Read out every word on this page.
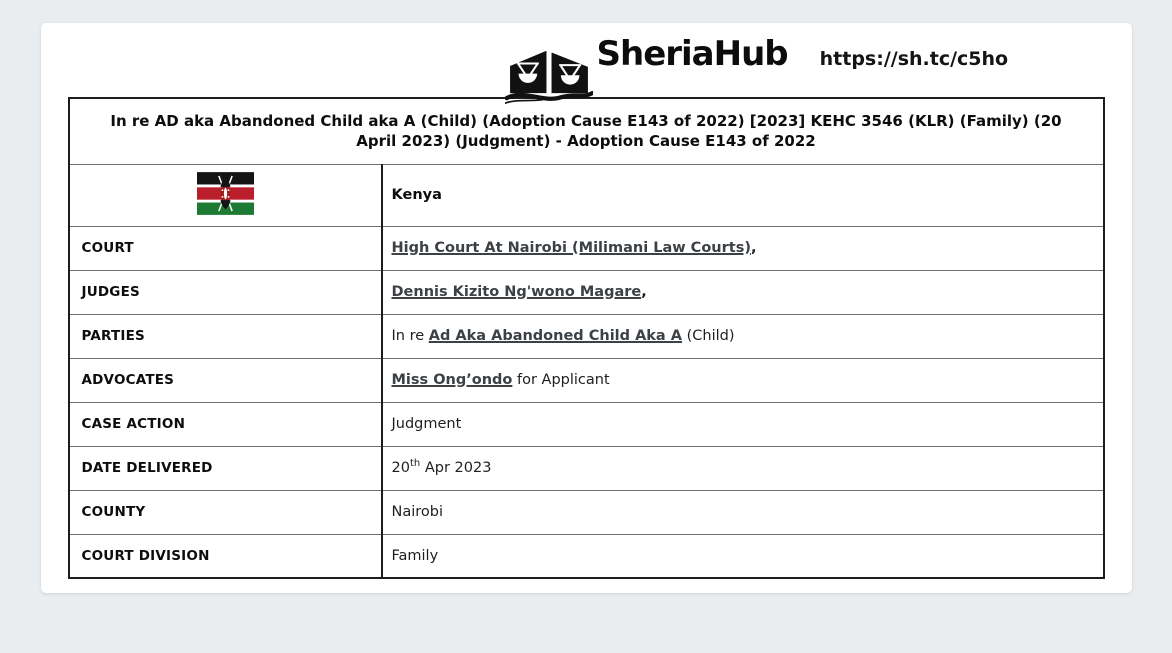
SheriaHub https://sh.tc/c5ho
In re AD aka Abandoned Child aka A (Child) (Adoption Cause E143 of 2022) [2023] KEHC 3546 (KLR) (Family) (20 April 2023) (Judgment) - Adoption Cause E143 of 2022	
	Kenya
COURT	High Court At Nairobi (Milimani Law Courts),
JUDGES	Dennis Kizito Ng'wono Magare,
PARTIES	In re Ad Aka Abandoned Child Aka A (Child)
ADVOCATES	Miss Ong’ondo for Applicant
CASE ACTION	Judgment
DATE DELIVERED	20th Apr 2023
COUNTY	Nairobi
COURT DIVISION	Family
